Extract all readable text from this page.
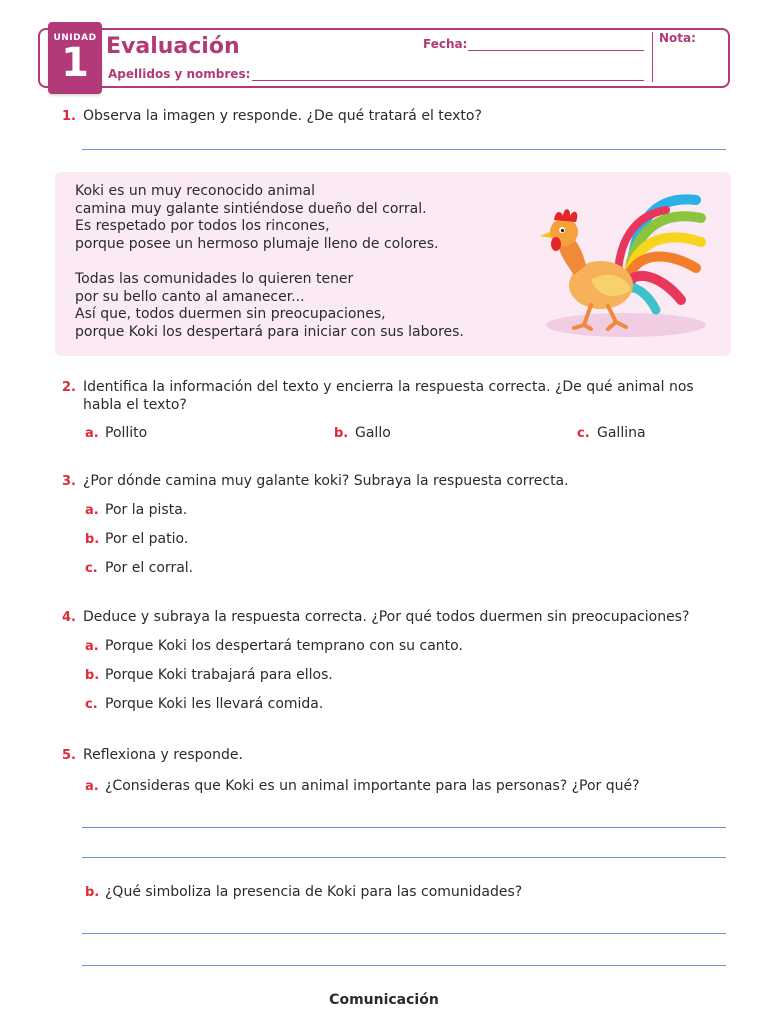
UNIDAD
1 Evaluación	Fecha:	Nota:
Apellidos y nombres:
1. Observa la imagen y responde. ¿De qué tratará el texto?
Koki es un muy reconocido animal
camina muy galante sintiéndose dueño del corral.
Es respetado por todos los rincones,
porque posee un hermoso plumaje lleno de colores.
Todas las comunidades lo quieren tener
por su bello canto al amanecer...
Así que, todos duermen sin preocupaciones,
porque Koki los despertará para iniciar con sus labores.
2. Identifica la información del texto y encierra la respuesta correcta. ¿De qué animal nos
habla el texto?
a. Pollito	b. Gallo	c. Gallina
3. ¿Por dónde camina muy galante koki? Subraya la respuesta correcta.
a. Por la pista.
b. Por el patio.
c. Por el corral.
4. Deduce y subraya la respuesta correcta. ¿Por qué todos duermen sin preocupaciones?
a. Porque Koki los despertará temprano con su canto.
b. Porque Koki trabajará para ellos.
c. Porque Koki les llevará comida.
5. Reflexiona y responde.
a. ¿Consideras que Koki es un animal importante para las personas? ¿Por qué?
b. ¿Qué simboliza la presencia de Koki para las comunidades?
Comunicación
